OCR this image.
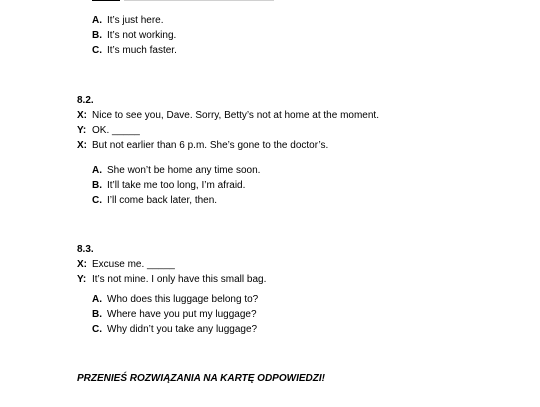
A. It’s just here.
B. It’s not working.
C. It’s much faster.
8.2.
X: Nice to see you, Dave. Sorry, Betty’s not at home at the moment.
Y: OK. _____
X: But not earlier than 6 p.m. She’s gone to the doctor’s.
A. She won’t be home any time soon.
B. It’ll take me too long, I’m afraid.
C. I’ll come back later, then.
8.3.
X: Excuse me. _____
Y: It’s not mine. I only have this small bag.
A. Who does this luggage belong to?
B. Where have you put my luggage?
C. Why didn’t you take any luggage?
PRZENIEŚ ROZWIĄZANIA NA KARTĘ ODPOWIEDZI!
